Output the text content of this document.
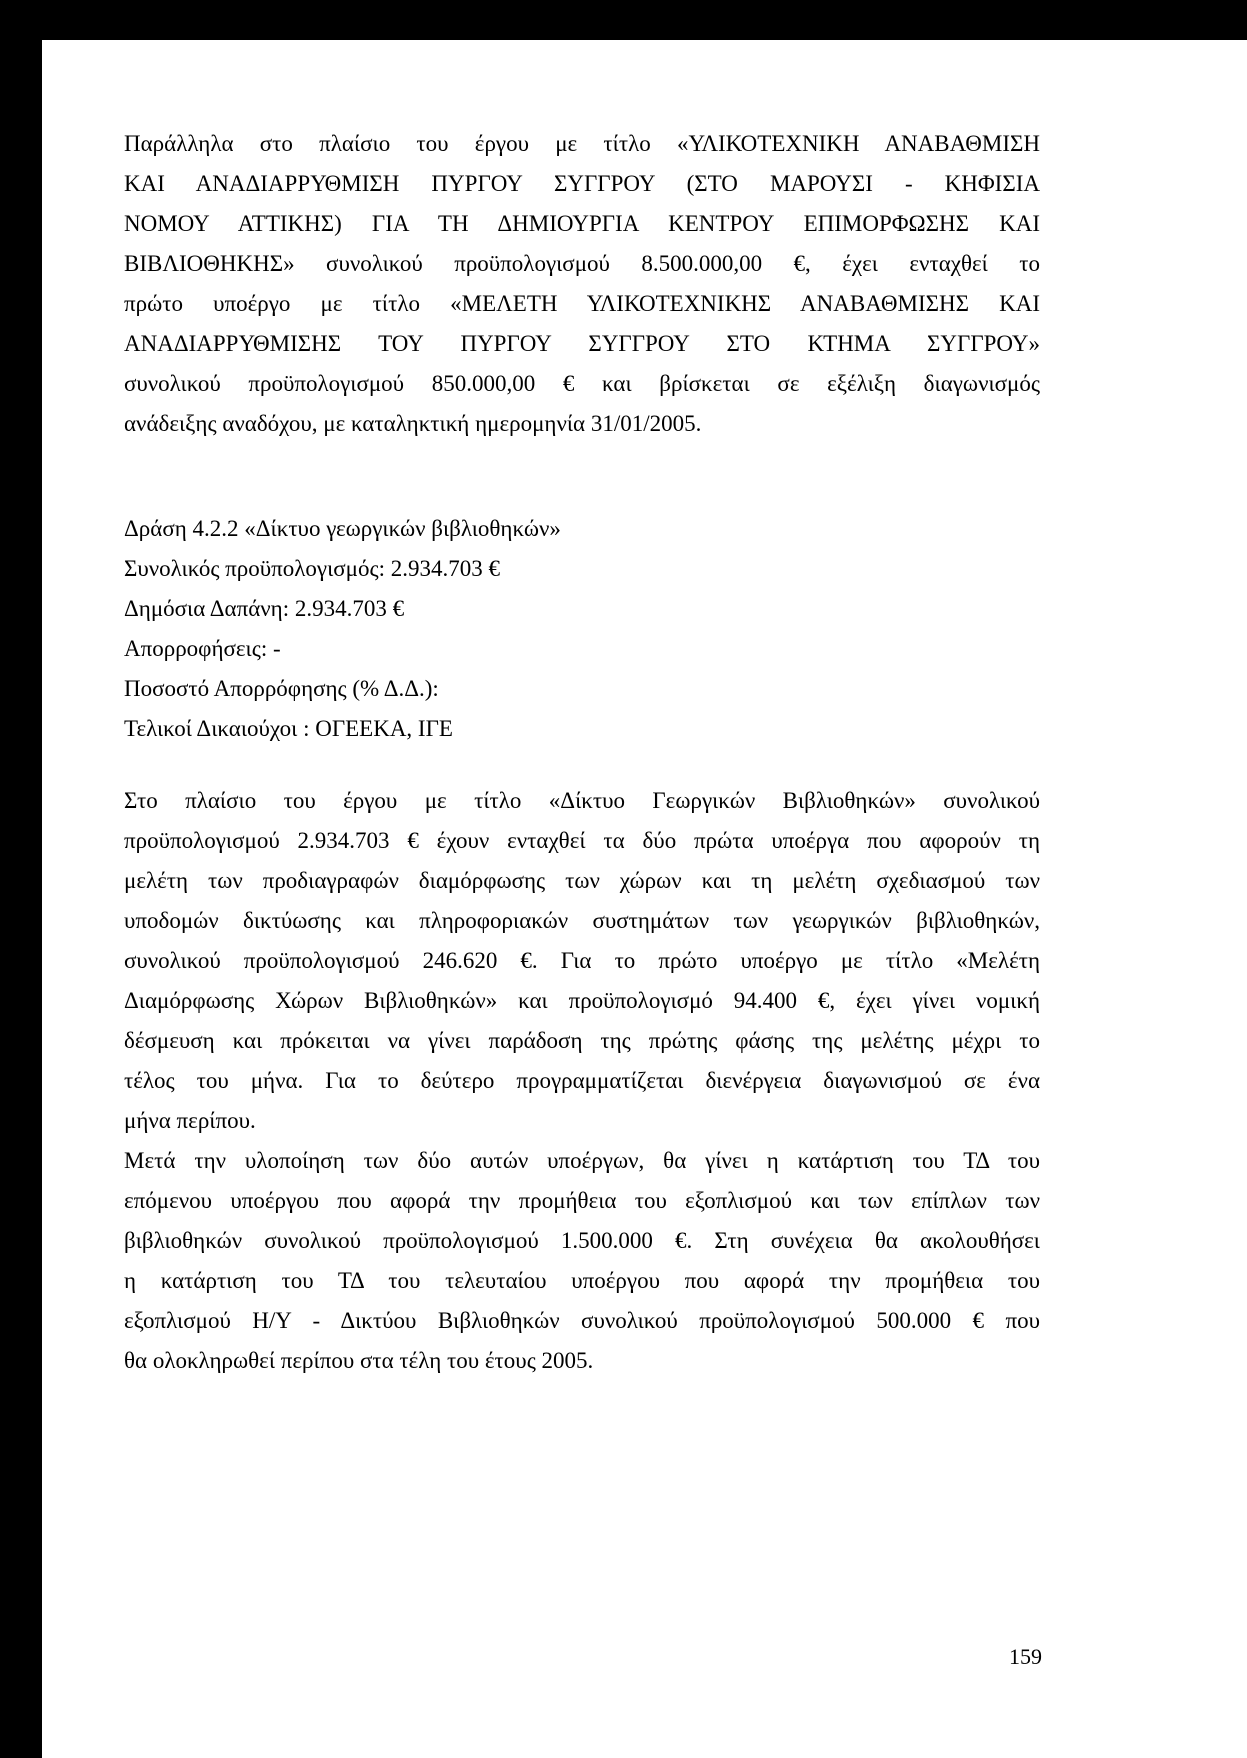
Παράλληλα στο πλαίσιο του έργου με τίτλο «ΥΛΙΚΟΤΕΧΝΙΚΗ ΑΝΑΒΑΘΜΙΣΗ
ΚΑΙ ΑΝΑΔΙΑΡΡΥΘΜΙΣΗ ΠΥΡΓΟΥ ΣΥΓΓΡΟΥ (ΣΤΟ ΜΑΡΟΥΣΙ - ΚΗΦΙΣΙΑ
ΝΟΜΟΥ ΑΤΤΙΚΗΣ) ΓΙΑ ΤΗ ΔΗΜΙΟΥΡΓΙΑ ΚΕΝΤΡΟΥ ΕΠΙΜΟΡΦΩΣΗΣ ΚΑΙ
ΒΙΒΛΙΟΘΗΚΗΣ» συνολικού προϋπολογισμού 8.500.000,00 €, έχει ενταχθεί το
πρώτο υποέργο με τίτλο «ΜΕΛΕΤΗ ΥΛΙΚΟΤΕΧΝΙΚΗΣ ΑΝΑΒΑΘΜΙΣΗΣ ΚΑΙ
ΑΝΑΔΙΑΡΡΥΘΜΙΣΗΣ ΤΟΥ ΠΥΡΓΟΥ ΣΥΓΓΡΟΥ ΣΤΟ ΚΤΗΜΑ ΣΥΓΓΡΟΥ»
συνολικού προϋπολογισμού 850.000,00 € και βρίσκεται σε εξέλιξη διαγωνισμός
ανάδειξης αναδόχου, με καταληκτική ημερομηνία 31/01/2005.
Δράση 4.2.2 «Δίκτυο γεωργικών βιβλιοθηκών»
Συνολικός προϋπολογισμός: 2.934.703 €
Δημόσια Δαπάνη: 2.934.703 €
Απορροφήσεις: -
Ποσοστό Απορρόφησης (% Δ.Δ.):
Τελικοί Δικαιούχοι : ΟΓΕΕΚΑ, ΙΓΕ
Στο πλαίσιο του έργου με τίτλο «Δίκτυο Γεωργικών Βιβλιοθηκών» συνολικού
προϋπολογισμού 2.934.703 € έχουν ενταχθεί τα δύο πρώτα υποέργα που αφορούν τη
μελέτη των προδιαγραφών διαμόρφωσης των χώρων και τη μελέτη σχεδιασμού των
υποδομών δικτύωσης και πληροφοριακών συστημάτων των γεωργικών βιβλιοθηκών,
συνολικού προϋπολογισμού 246.620 €. Για το πρώτο υποέργο με τίτλο «Μελέτη
Διαμόρφωσης Χώρων Βιβλιοθηκών» και προϋπολογισμό 94.400 €, έχει γίνει νομική
δέσμευση και πρόκειται να γίνει παράδοση της πρώτης φάσης της μελέτης μέχρι το
τέλος του μήνα. Για το δεύτερο προγραμματίζεται διενέργεια διαγωνισμού σε ένα
μήνα περίπου.
Μετά την υλοποίηση των δύο αυτών υποέργων, θα γίνει η κατάρτιση του ΤΔ του
επόμενου υποέργου που αφορά την προμήθεια του εξοπλισμού και των επίπλων των
βιβλιοθηκών συνολικού προϋπολογισμού 1.500.000 €. Στη συνέχεια θα ακολουθήσει
η κατάρτιση του ΤΔ του τελευταίου υποέργου που αφορά την προμήθεια του
εξοπλισμού Η/Υ - Δικτύου Βιβλιοθηκών συνολικού προϋπολογισμού 500.000 € που
θα ολοκληρωθεί περίπου στα τέλη του έτους 2005.
159
